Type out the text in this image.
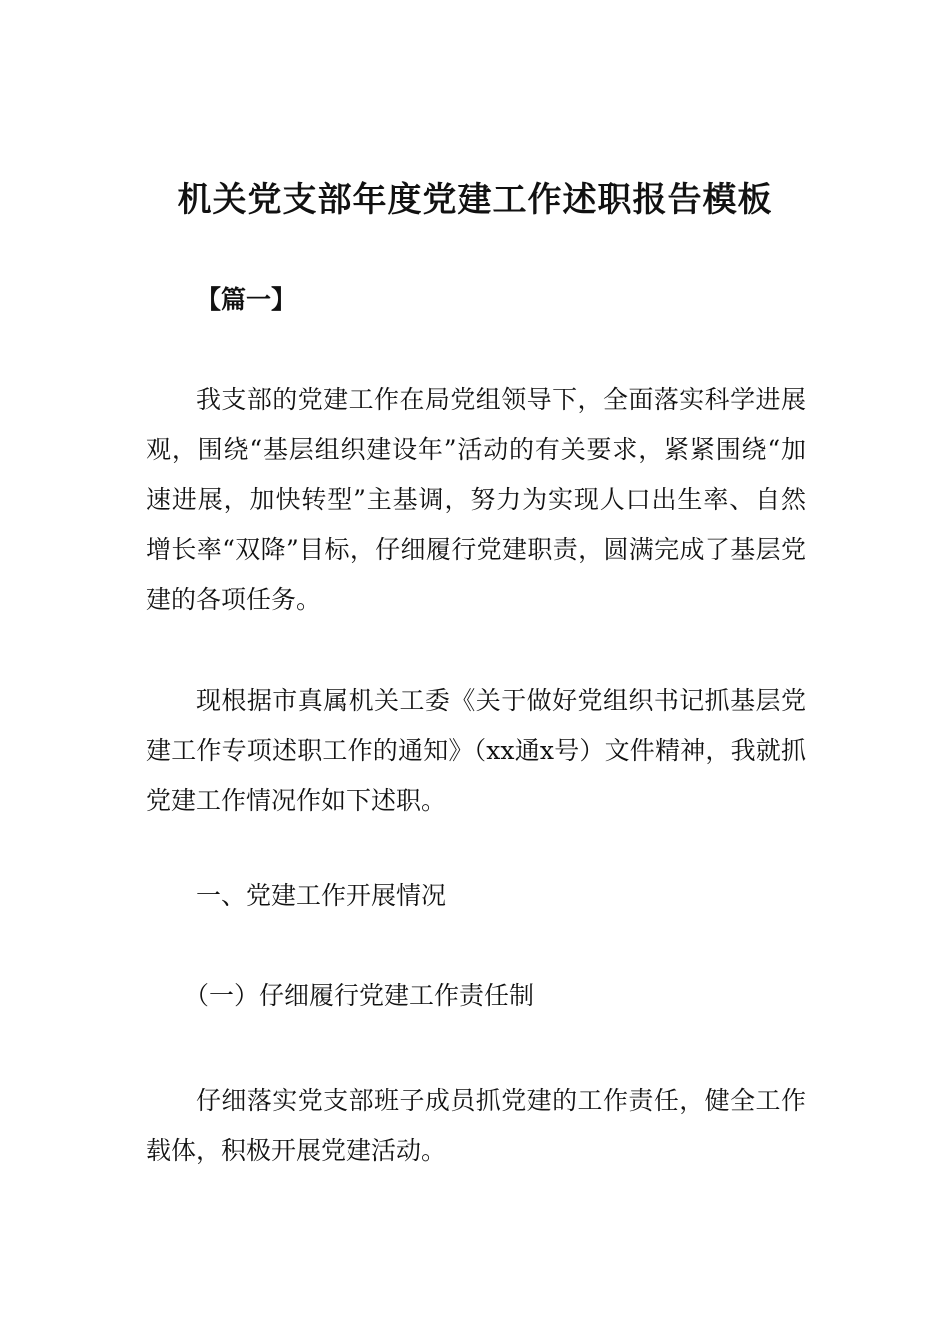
机关党支部年度党建工作述职报告模板

【篇一】

我支部的党建工作在局党组领导下，全面落实科学进展观，围绕“基层组织建设年”活动的有关要求，紧紧围绕“加速进展，加快转型”主基调，努力为实现人口出生率、自然增长率“双降”目标，仔细履行党建职责，圆满完成了基层党建的各项任务。

现根据市真属机关工委《关于做好党组织书记抓基层党建工作专项述职工作的通知》（xx通x号）文件精神，我就抓党建工作情况作如下述职。

一、党建工作开展情况

（一）仔细履行党建工作责任制

仔细落实党支部班子成员抓党建的工作责任，健全工作载体，积极开展党建活动。
